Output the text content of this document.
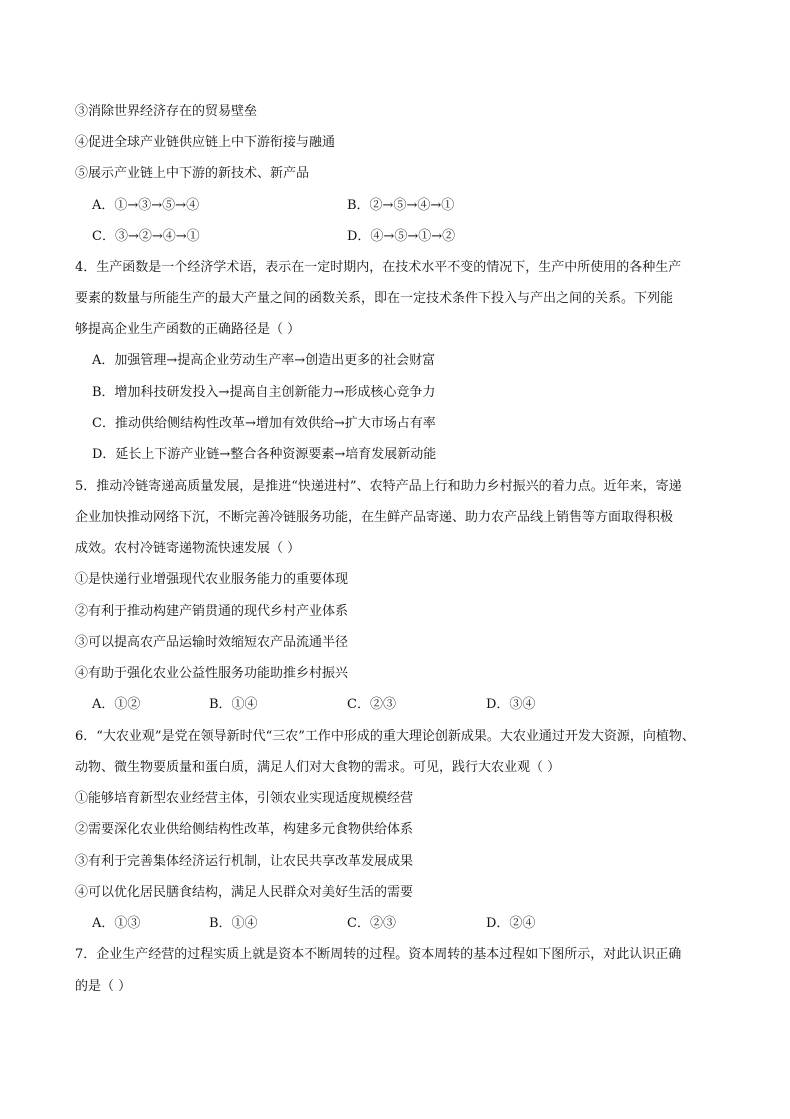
③消除世界经济存在的贸易壁垒
④促进全球产业链供应链上中下游衔接与融通
⑤展示产业链上中下游的新技术、新产品
A．①→③→⑤→④	B．②→⑤→④→①
C．③→②→④→①	D．④→⑤→①→②
4．生产函数是一个经济学术语，表示在一定时期内，在技术水平不变的情况下，生产中所使用的各种生产
要素的数量与所能生产的最大产量之间的函数关系，即在一定技术条件下投入与产出之间的关系。下列能
够提高企业生产函数的正确路径是（ ）
A．加强管理→提高企业劳动生产率→创造出更多的社会财富
B．增加科技研发投入→提高自主创新能力→形成核心竞争力
C．推动供给侧结构性改革→增加有效供给→扩大市场占有率
D．延长上下游产业链→整合各种资源要素→培育发展新动能
5．推动冷链寄递高质量发展，是推进“快递进村”、农特产品上行和助力乡村振兴的着力点。近年来，寄递
企业加快推动网络下沉，不断完善冷链服务功能，在生鲜产品寄递、助力农产品线上销售等方面取得积极
成效。农村冷链寄递物流快速发展（ ）
①是快递行业增强现代农业服务能力的重要体现
②有利于推动构建产销贯通的现代乡村产业体系
③可以提高农产品运输时效缩短农产品流通半径
④有助于强化农业公益性服务功能助推乡村振兴
A．①②	B．①④	C．②③	D．③④
6．“大农业观”是党在领导新时代“三农”工作中形成的重大理论创新成果。大农业通过开发大资源，向植物、
动物、微生物要质量和蛋白质，满足人们对大食物的需求。可见，践行大农业观（ ）
①能够培育新型农业经营主体，引领农业实现适度规模经营
②需要深化农业供给侧结构性改革，构建多元食物供给体系
③有利于完善集体经济运行机制，让农民共享改革发展成果
④可以优化居民膳食结构，满足人民群众对美好生活的需要
A．①③	B．①④	C．②③	D．②④
7．企业生产经营的过程实质上就是资本不断周转的过程。资本周转的基本过程如下图所示，对此认识正确
的是（ ）
